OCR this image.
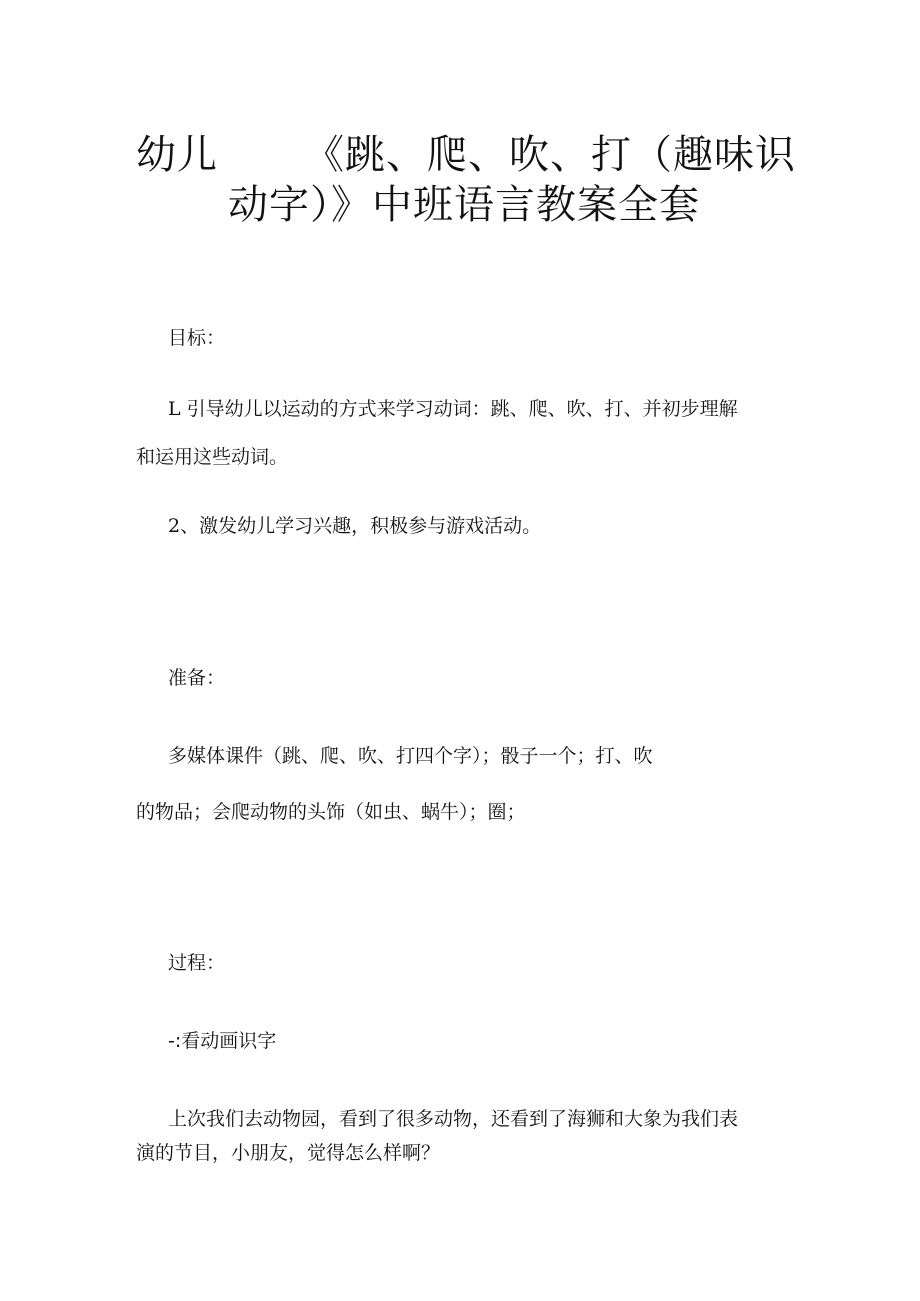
幼儿 《跳、爬、吹、打（趣味识
动字）》中班语言教案全套
目标：
L 引导幼儿以运动的方式来学习动词：跳、爬、吹、打、并初步理解
和运用这些动词。
2、激发幼儿学习兴趣，积极参与游戏活动。
准备：
多媒体课件（跳、爬、吹、打四个字）；骰子一个；打、吹
的物品；会爬动物的头饰（如虫、蜗牛）；圈；
过程：
-:看动画识字
上次我们去动物园，看到了很多动物，还看到了海狮和大象为我们表
演的节目，小朋友，觉得怎么样啊？
